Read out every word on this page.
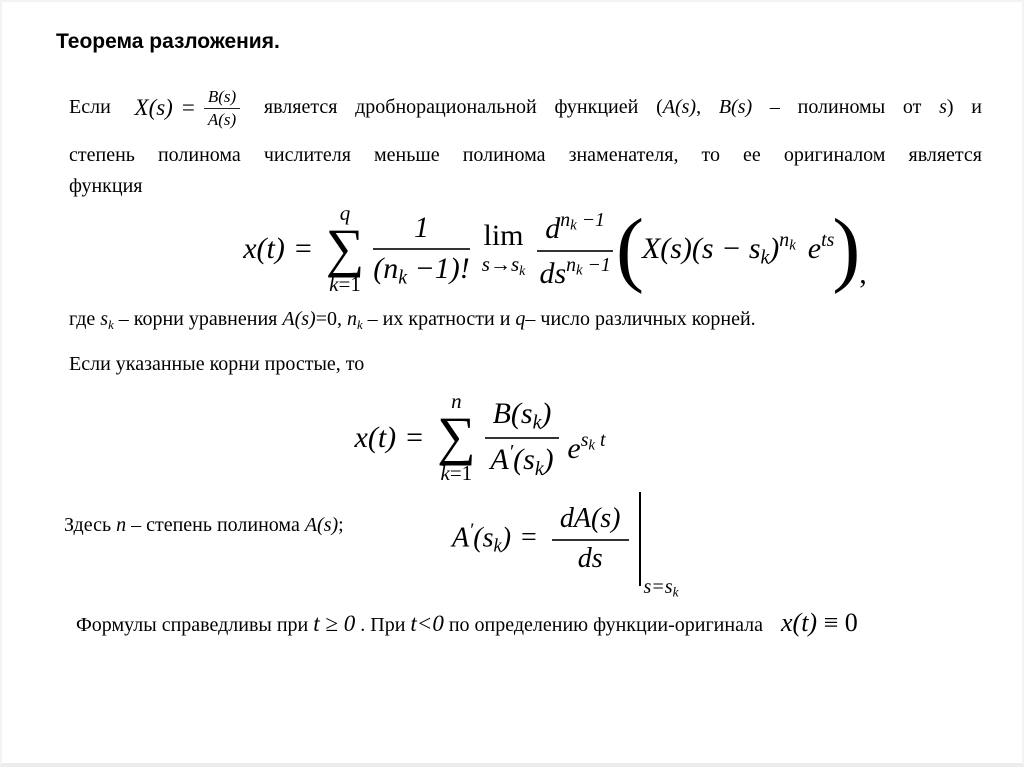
Теорема разложения.
Если $X(s) = \frac{B(s)}{A(s)}$ является дробнорациональной функцией (A(s), B(s) – полиномы от s) и
степень полинома числителя меньше полинома знаменателя, то ее оригиналом является
функция
x(t) =
q
∑
$k=1 \frac{1}{(nk -1)!}$ lim
$s\to sk \frac{d^{nk -1}}{ds^{nk -1}}$ (
X(s)(s − sk)$^{nk}$ $e^{ts}$
) ,
где sk – корни уравнения A(s)=0, nk – их кратности и q– число различных корней.
Если указанные корни простые, то
x(t) =
n
∑
$k=1 \frac{B(sk)}{A'(sk)} e^{sk t}$
Здесь n – степень полинома A(s);	$A'(sk) = \frac{dA(s)}{ds}$
s=sk
Формулы справедливы при t ≥ 0 . При t<0 по определению функции-оригинала x(t) ≡ 0
